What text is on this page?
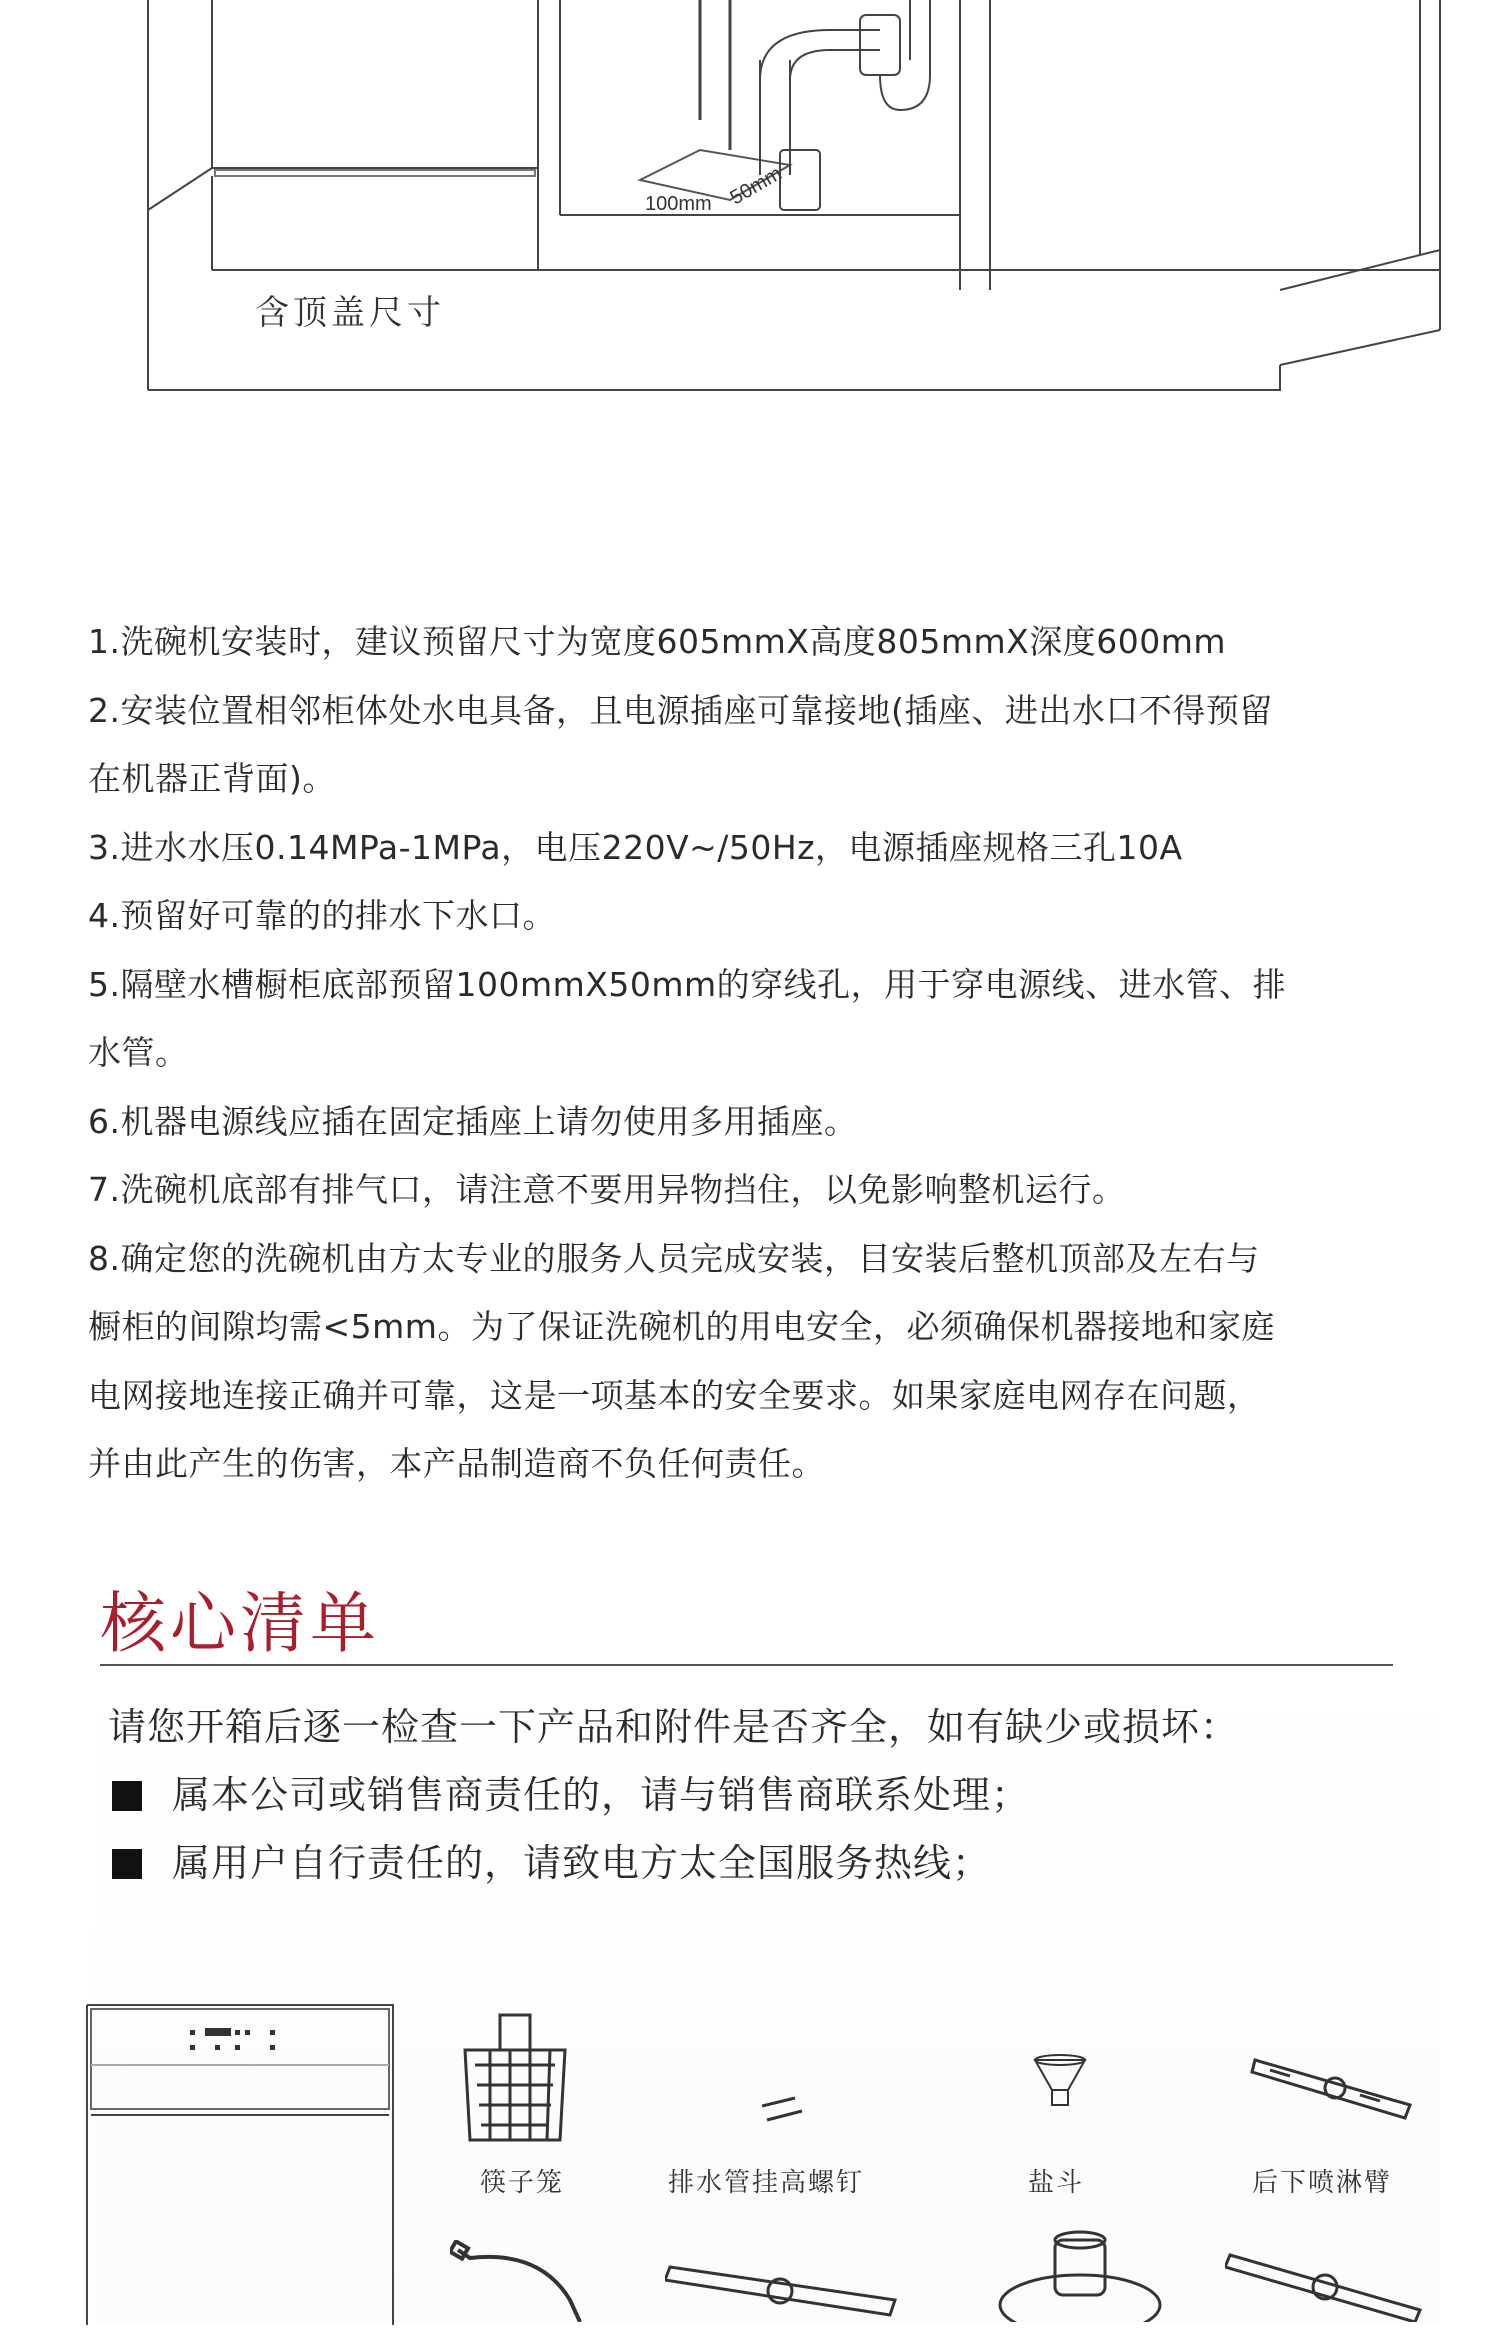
100mm 50mm
含顶盖尺寸

1.洗碗机安装时，建议预留尺寸为宽度605mmX高度805mmX深度600mm

2.安装位置相邻柜体处水电具备，且电源插座可靠接地(插座、进出水口不得预留

在机器正背面)。

3.进水水压0.14MPa-1MPa，电压220V~/50Hz，电源插座规格三孔10A

4.预留好可靠的的排水下水口。

5.隔壁水槽橱柜底部预留100mmX50mm的穿线孔，用于穿电源线、进水管、排

水管。

6.机器电源线应插在固定插座上请勿使用多用插座。

7.洗碗机底部有排气口，请注意不要用异物挡住，以免影响整机运行。

8.确定您的洗碗机由方太专业的服务人员完成安装，目安装后整机顶部及左右与

橱柜的间隙均需<5mm。为了保证洗碗机的用电安全，必须确保机器接地和家庭

电网接地连接正确并可靠，这是一项基本的安全要求。如果家庭电网存在问题，

并由此产生的伤害，本产品制造商不负任何责任。

核心清单
请您开箱后逐一检查一下产品和附件是否齐全，如有缺少或损坏：
属本公司或销售商责任的，请与销售商联系处理；
属用户自行责任的，请致电方太全国服务热线；
筷子笼	排水管挂高螺钉	盐斗	后下喷淋臂
